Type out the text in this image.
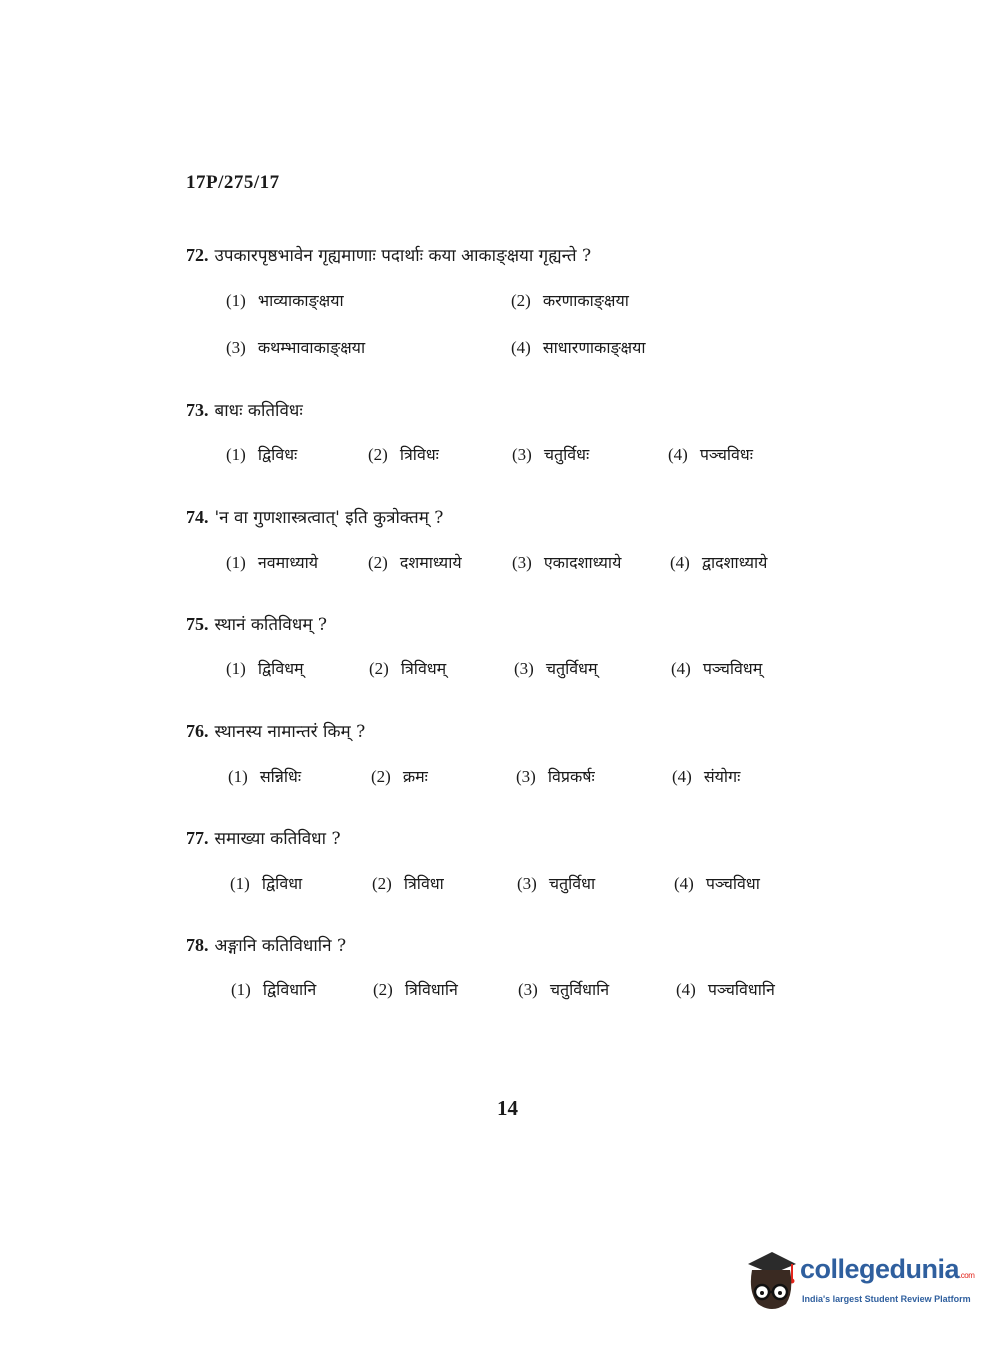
17P/275/17
72. उपकारपृष्ठभावेन गृह्यमाणाः पदार्थाः कया आकाङ्क्षया गृह्यन्ते ?
(1) भाव्याकाङ्क्षया	(2) करणाकाङ्क्षया
(3) कथम्भावाकाङ्क्षया	(4) साधारणाकाङ्क्षया
73. बाधः कतिविधः
(1) द्विविधः	(2) त्रिविधः	(3) चतुर्विधः	(4) पञ्चविधः
74. 'न वा गुणशास्त्रत्वात्' इति कुत्रोक्तम् ?
(1) नवमाध्याये	(2) दशमाध्याये	(3) एकादशाध्याये	(4) द्वादशाध्याये
75. स्थानं कतिविधम् ?
(1) द्विविधम्	(2) त्रिविधम्	(3) चतुर्विधम्	(4) पञ्चविधम्
76. स्थानस्य नामान्तरं किम् ?
(1) सन्निधिः	(2) क्रमः	(3) विप्रकर्षः	(4) संयोगः
77. समाख्या कतिविधा ?
(1) द्विविधा	(2) त्रिविधा	(3) चतुर्विधा	(4) पञ्चविधा
78. अङ्गानि कतिविधानि ?
(1) द्विविधानि	(2) त्रिविधानि	(3) चतुर्विधानि	(4) पञ्चविधानि
14
collegedunia.com
India's largest Student Review Platform
